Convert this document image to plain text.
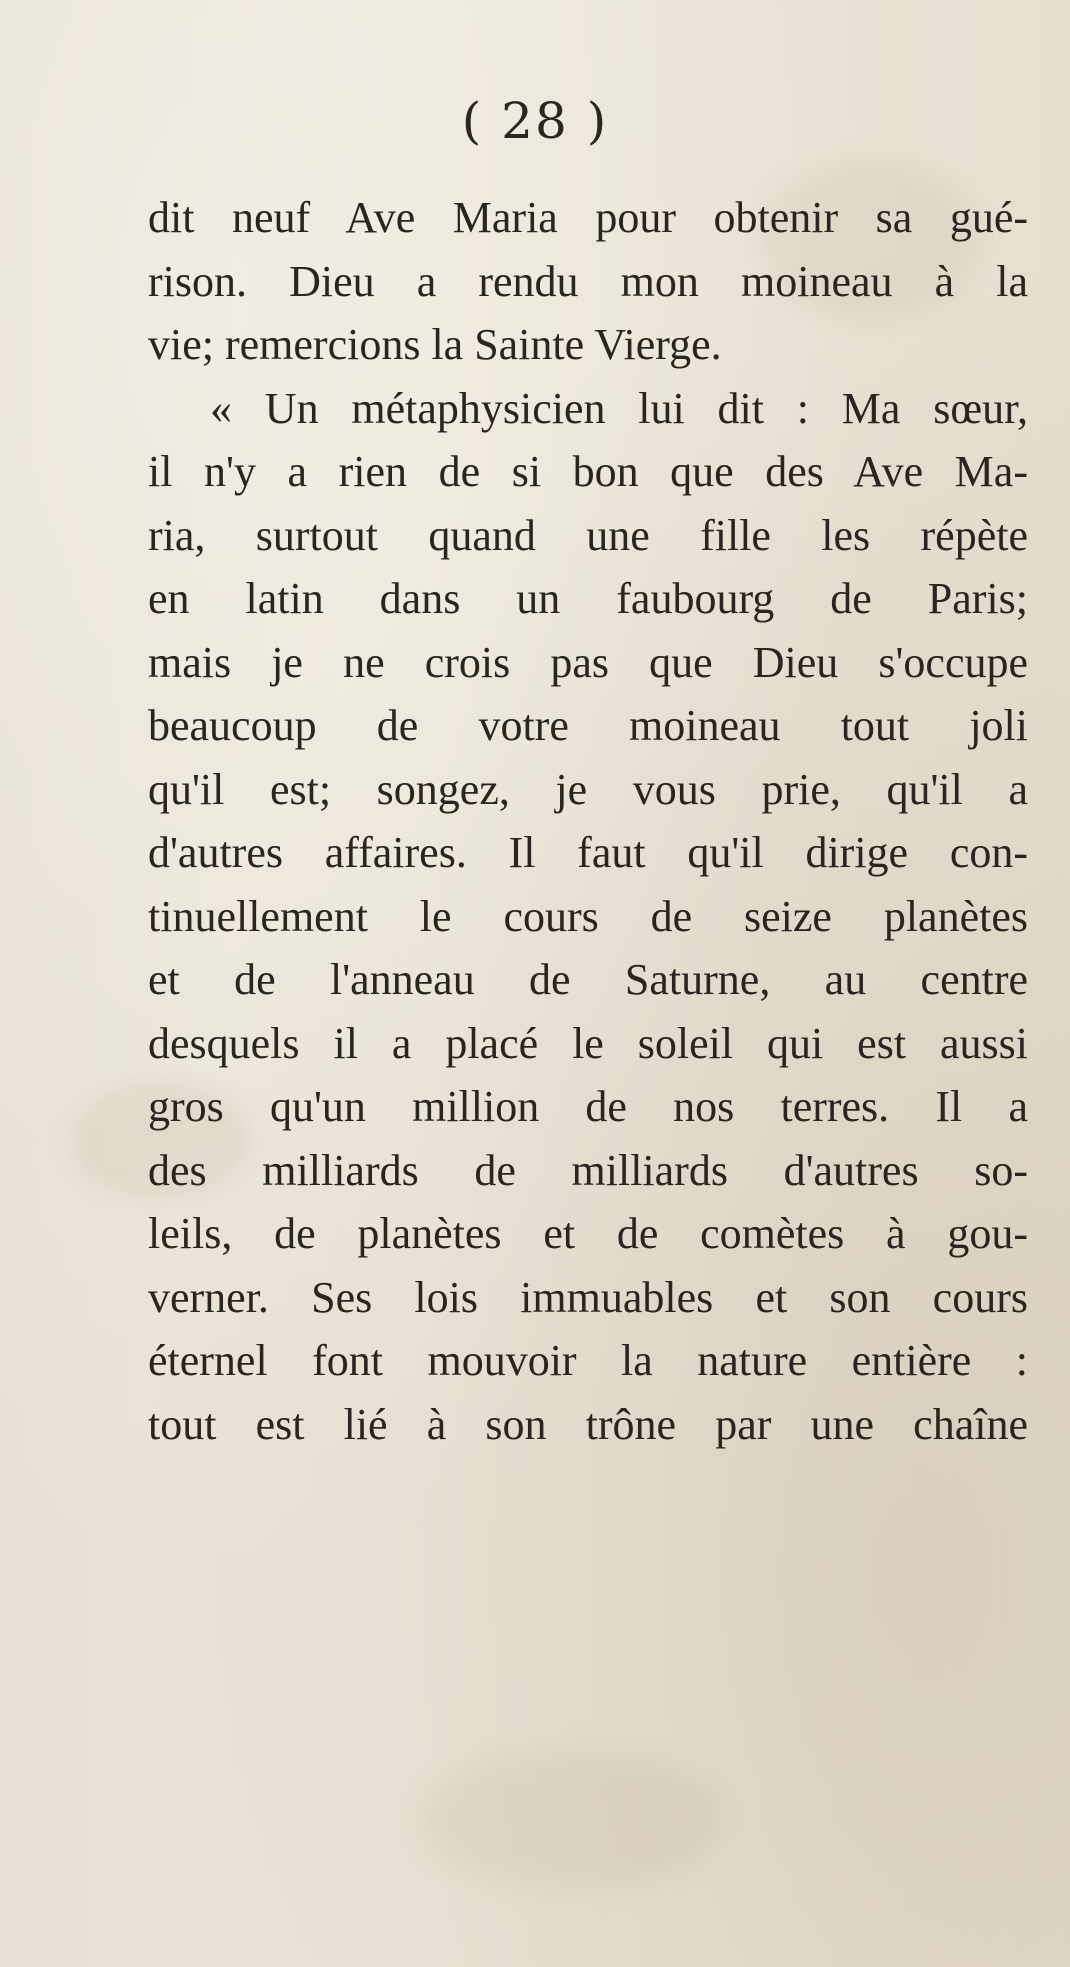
( 28 )
dit neuf Ave Maria pour obtenir sa gué-
rison. Dieu a rendu mon moineau à la
vie; remercions la Sainte Vierge.
« Un métaphysicien lui dit : Ma sœur,
il n'y a rien de si bon que des Ave Ma-
ria, surtout quand une fille les répète
en latin dans un faubourg de Paris;
mais je ne crois pas que Dieu s'occupe
beaucoup de votre moineau tout joli
qu'il est; songez, je vous prie, qu'il a
d'autres affaires. Il faut qu'il dirige con-
tinuellement le cours de seize planètes
et de l'anneau de Saturne, au centre
desquels il a placé le soleil qui est aussi
gros qu'un million de nos terres. Il a
des milliards de milliards d'autres so-
leils, de planètes et de comètes à gou-
verner. Ses lois immuables et son cours
éternel font mouvoir la nature entière :
tout est lié à son trône par une chaîne
